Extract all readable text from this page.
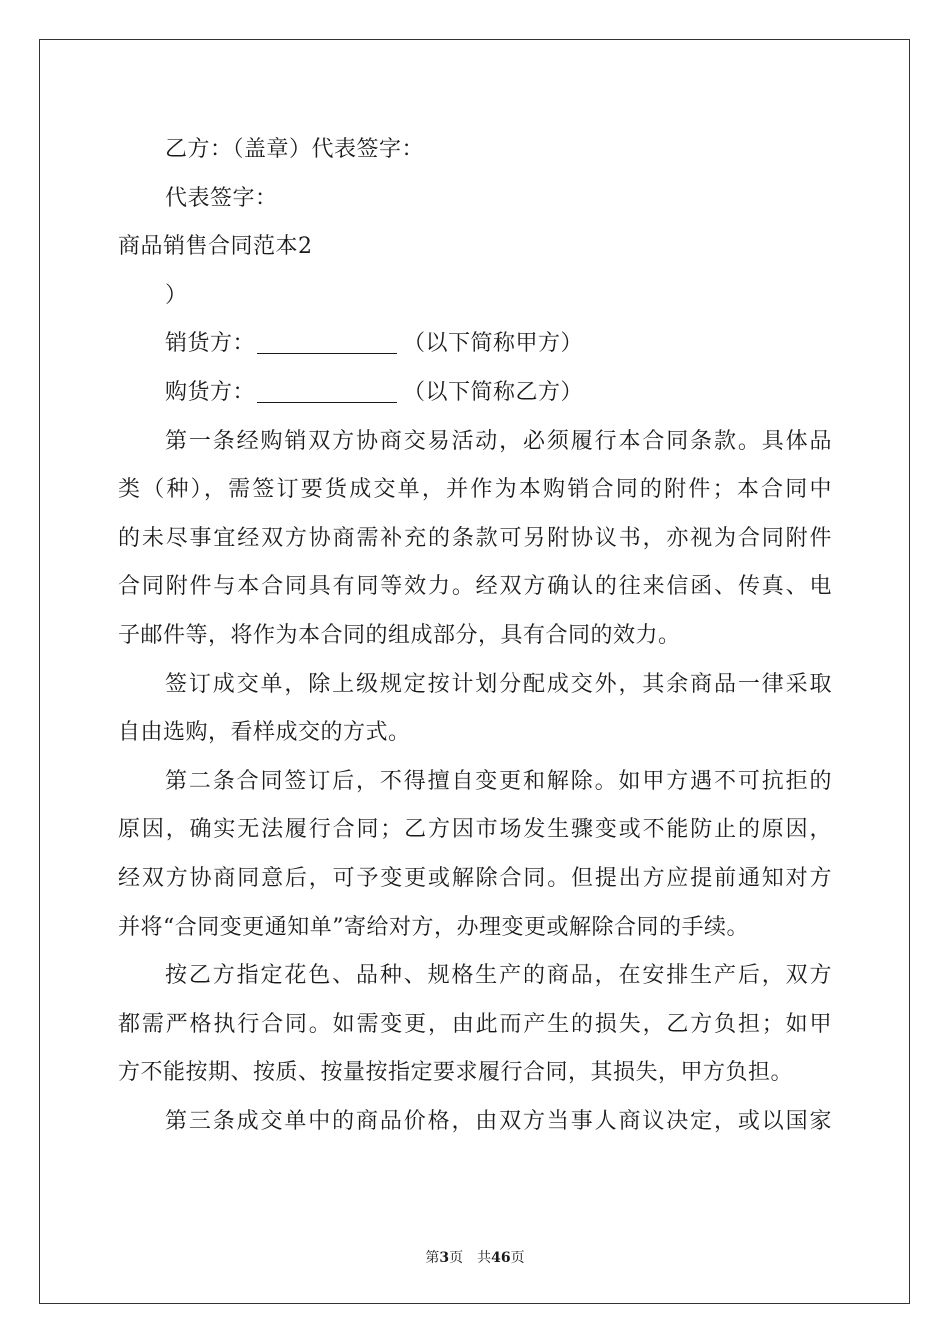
乙方：（盖章）代表签字：
代表签字：
商品销售合同范本2
）
销货方：	（以下简称甲方）
购货方：	（以下简称乙方）
第一条经购销双方协商交易活动，必须履行本合同条款。具体品
类（种），需签订要货成交单，并作为本购销合同的附件；本合同中
的未尽事宜经双方协商需补充的条款可另附协议书，亦视为合同附件
合同附件与本合同具有同等效力。经双方确认的往来信函、传真、电
子邮件等，将作为本合同的组成部分，具有合同的效力。
签订成交单，除上级规定按计划分配成交外，其余商品一律采取
自由选购，看样成交的方式。
第二条合同签订后，不得擅自变更和解除。如甲方遇不可抗拒的
原因，确实无法履行合同；乙方因市场发生骤变或不能防止的原因，
经双方协商同意后，可予变更或解除合同。但提出方应提前通知对方
并将“合同变更通知单”寄给对方，办理变更或解除合同的手续。
按乙方指定花色、品种、规格生产的商品，在安排生产后，双方
都需严格执行合同。如需变更，由此而产生的损失，乙方负担；如甲
方不能按期、按质、按量按指定要求履行合同，其损失，甲方负担。
第三条成交单中的商品价格，由双方当事人商议决定，或以国家
第3页 共46页
